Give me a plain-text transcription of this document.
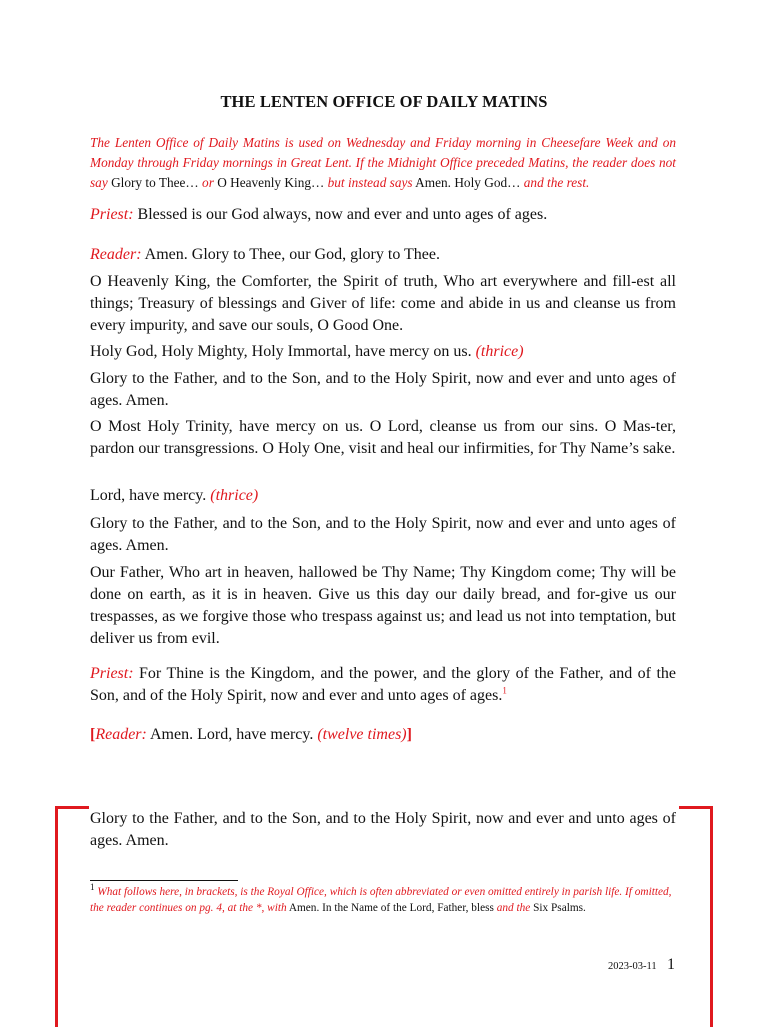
THE LENTEN OFFICE OF DAILY MATINS
The Lenten Office of Daily Matins is used on Wednesday and Friday morning in Cheesefare Week and on Monday through Friday mornings in Great Lent. If the Midnight Office preceded Matins, the reader does not say Glory to Thee… or O Heavenly King… but instead says Amen. Holy God… and the rest.
Priest: Blessed is our God always, now and ever and unto ages of ages.
Reader: Amen. Glory to Thee, our God, glory to Thee.
O Heavenly King, the Comforter, the Spirit of truth, Who art everywhere and fill-est all things; Treasury of blessings and Giver of life: come and abide in us and cleanse us from every impurity, and save our souls, O Good One.
Holy God, Holy Mighty, Holy Immortal, have mercy on us. (thrice)
Glory to the Father, and to the Son, and to the Holy Spirit, now and ever and unto ages of ages. Amen.
O Most Holy Trinity, have mercy on us. O Lord, cleanse us from our sins. O Mas-ter, pardon our transgressions. O Holy One, visit and heal our infirmities, for Thy Name’s sake.
Lord, have mercy. (thrice)
Glory to the Father, and to the Son, and to the Holy Spirit, now and ever and unto ages of ages. Amen.
Our Father, Who art in heaven, hallowed be Thy Name; Thy Kingdom come; Thy will be done on earth, as it is in heaven. Give us this day our daily bread, and for-give us our trespasses, as we forgive those who trespass against us; and lead us not into temptation, but deliver us from evil.
Priest: For Thine is the Kingdom, and the power, and the glory of the Father, and of the Son, and of the Holy Spirit, now and ever and unto ages of ages.$^1$
[Reader: Amen. Lord, have mercy. (twelve times)]
Glory to the Father, and to the Son, and to the Holy Spirit, now and ever and unto ages of ages. Amen.
$^1$ What follows here, in brackets, is the Royal Office, which is often abbreviated or even omitted entirely in parish life. If omitted, the reader continues on pg. 4, at the *, with Amen. In the Name of the Lord, Father, bless and the Six Psalms.
2023-03-11 1
